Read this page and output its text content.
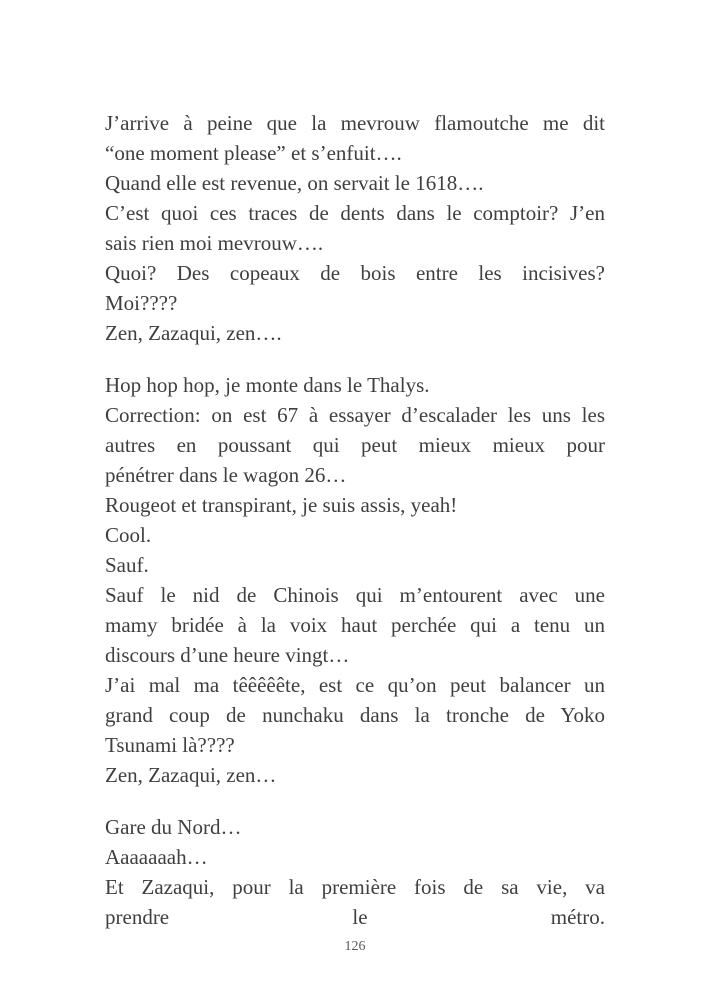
J’arrive à peine que la mevrouw flamoutche me dit
“one moment please” et s’enfuit….
Quand elle est revenue, on servait le 1618….
C’est quoi ces traces de dents dans le comptoir? J’en
sais rien moi mevrouw….
Quoi? Des copeaux de bois entre les incisives?
Moi????
Zen, Zazaqui, zen….
Hop hop hop, je monte dans le Thalys.
Correction: on est 67 à essayer d’escalader les uns les
autres en poussant qui peut mieux mieux pour
pénétrer dans le wagon 26…
Rougeot et transpirant, je suis assis, yeah!
Cool.
Sauf.
Sauf le nid de Chinois qui m’entourent avec une
mamy bridée à la voix haut perchée qui a tenu un
discours d’une heure vingt…
J’ai mal ma têêêêête, est ce qu’on peut balancer un
grand coup de nunchaku dans la tronche de Yoko
Tsunami là????
Zen, Zazaqui, zen…
Gare du Nord…
Aaaaaaah…
Et Zazaqui, pour la première fois de sa vie, va
prendre le métro.
126
